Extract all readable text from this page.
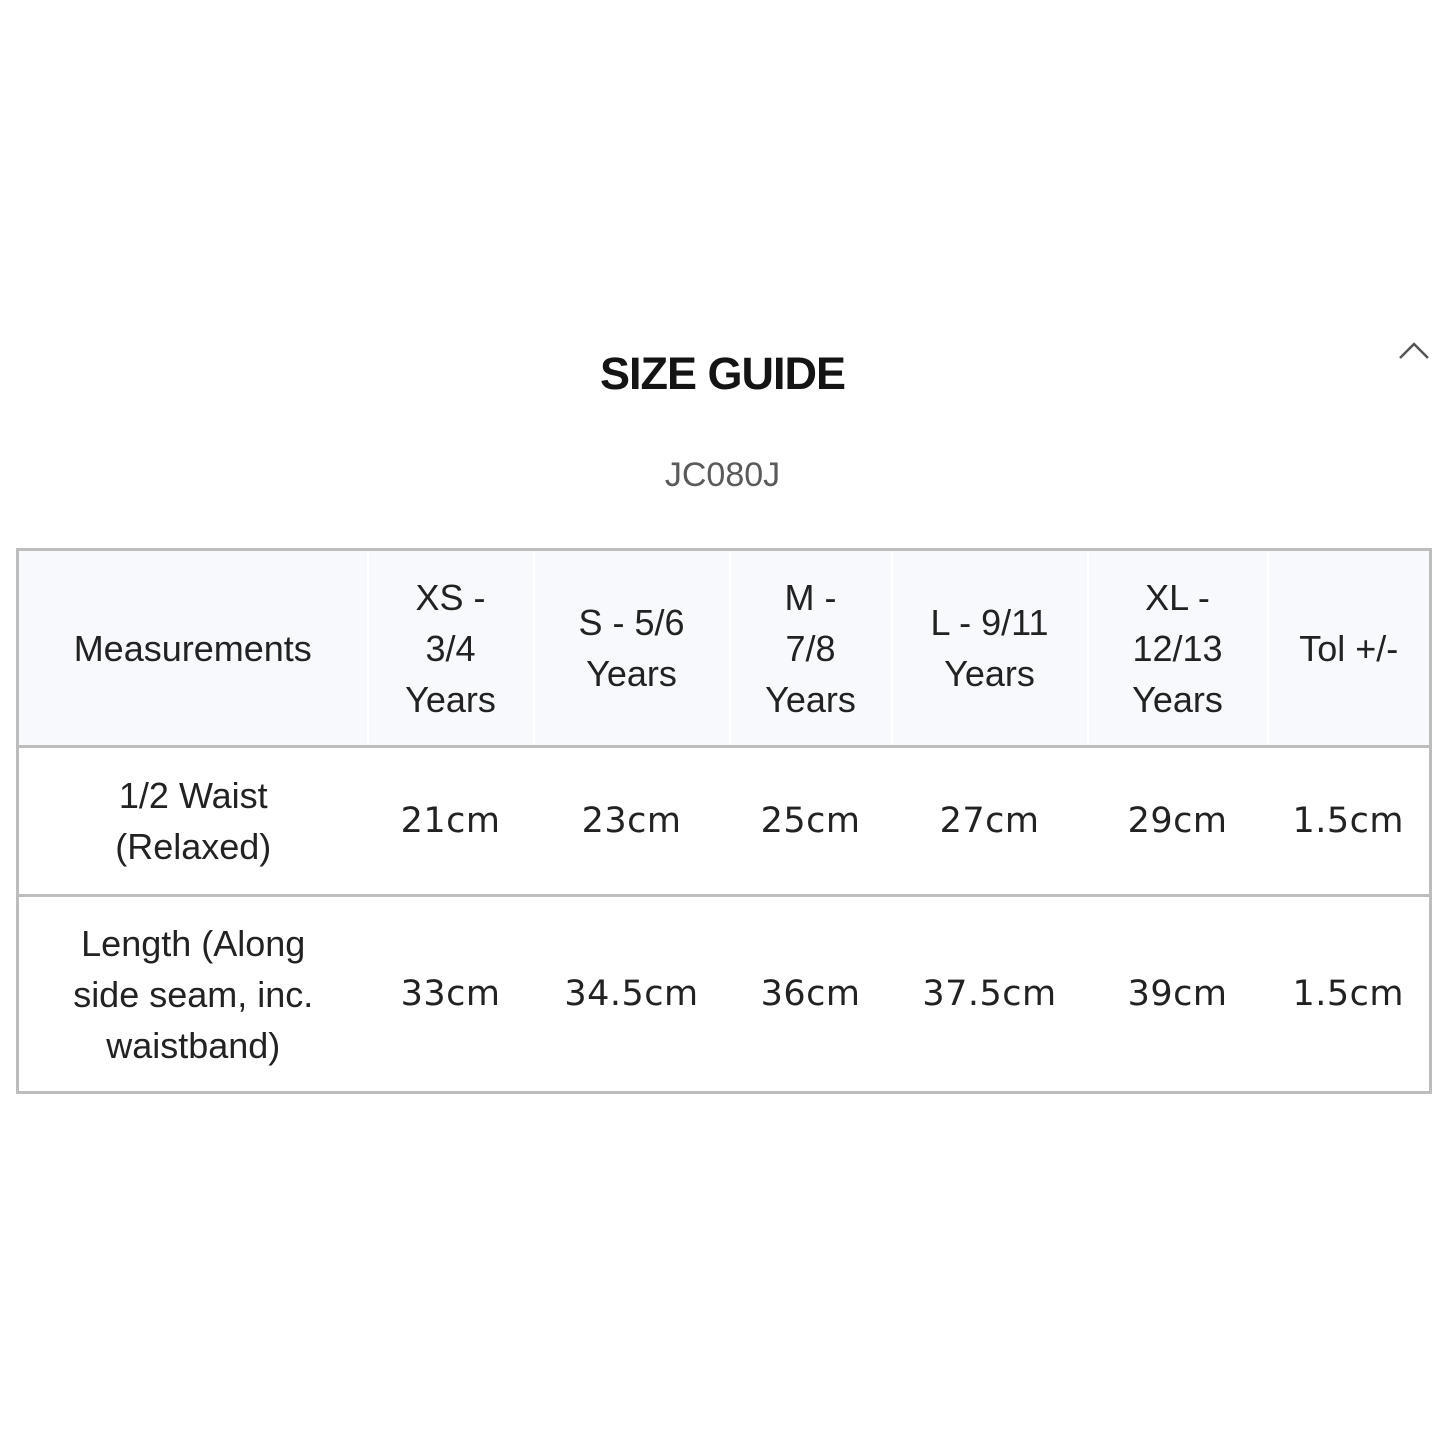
SIZE GUIDE
JC080J
Measurements	XS - 3/4 Years	S - 5/6 Years	M - 7/8 Years	L - 9/11 Years	XL - 12/13 Years	Tol +/-
1/2 Waist (Relaxed)	21cm	23cm	25cm	27cm	29cm	1.5cm
Length (Along side seam, inc. waistband)	33cm	34.5cm	36cm	37.5cm	39cm	1.5cm
